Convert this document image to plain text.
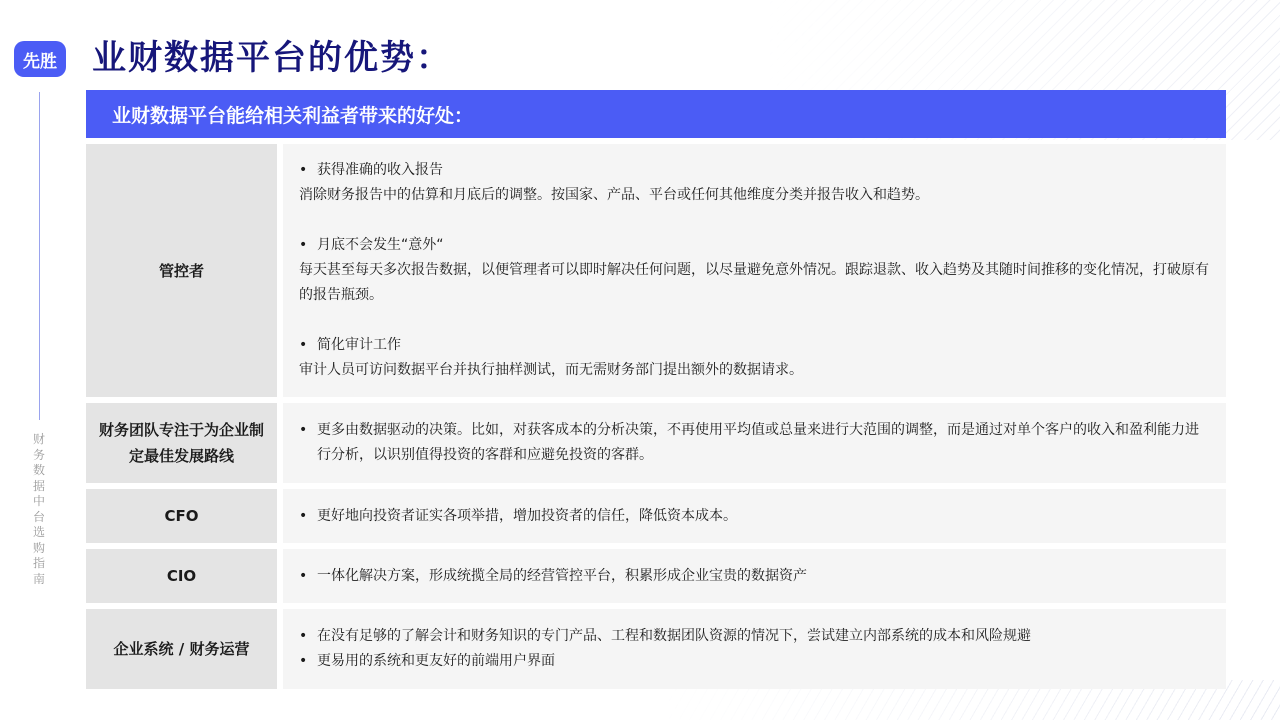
先胜
财务数据中台选购指南
业财数据平台的优势：
业财数据平台能给相关利益者带来的好处：
管控者
• 获得准确的收入报告
消除财务报告中的估算和月底后的调整。按国家、产品、平台或任何其他维度分类并报告收入和趋势。
• 月底不会发生“意外“
每天甚至每天多次报告数据，以便管理者可以即时解决任何问题，以尽量避免意外情况。跟踪退款、收入趋势及其随时间推移的变化情况，打破原有的报告瓶颈。
• 简化审计工作
审计人员可访问数据平台并执行抽样测试，而无需财务部门提出额外的数据请求。
财务团队专注于为企业制定最佳发展路线
• 更多由数据驱动的决策。比如，对获客成本的分析决策，不再使用平均值或总量来进行大范围的调整，而是通过对单个客户的收入和盈利能力进行分析，以识别值得投资的客群和应避免投资的客群。
CFO	• 更好地向投资者证实各项举措，增加投资者的信任，降低资本成本。
CIO	• 一体化解决方案，形成统揽全局的经营管控平台，积累形成企业宝贵的数据资产
企业系统 / 财务运营
• 在没有足够的了解会计和财务知识的专门产品、工程和数据团队资源的情况下，尝试建立内部系统的成本和风险规避
• 更易用的系统和更友好的前端用户界面
